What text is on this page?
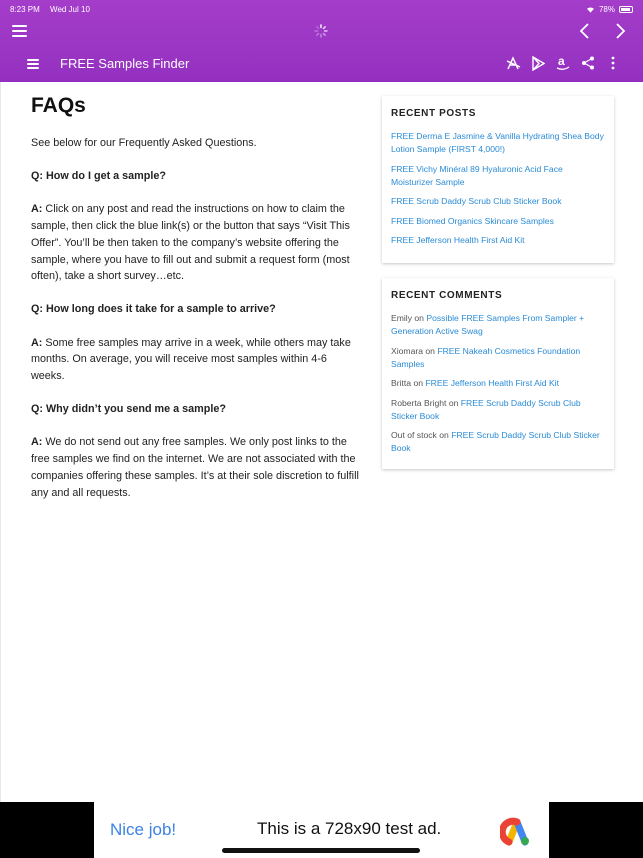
8:23 PM Wed Jul 10	78%
FREE Samples Finder	a
FAQs

See below for our Frequently Asked Questions.

Q: How do I get a sample?

A: Click on any post and read the instructions on how to claim the sample, then click the blue link(s) or the button that says “Visit This Offer”. You’ll be then taken to the company’s website offering the sample, where you have to fill out and submit a request form (most often), take a short survey…etc.

Q: How long does it take for a sample to arrive?

A: Some free samples may arrive in a week, while others may take months. On average, you will receive most samples within 4-6 weeks.

Q: Why didn’t you send me a sample?

A: We do not send out any free samples. We only post links to the free samples we find on the internet. We are not associated with the companies offering these samples. It’s at their sole discretion to fulfill any and all requests.

RECENT POSTS
FREE Derma E Jasmine & Vanilla Hydrating Shea Body Lotion Sample (FIRST 4,000!)
FREE Vichy Minéral 89 Hyaluronic Acid Face Moisturizer Sample
FREE Scrub Daddy Scrub Club Sticker Book
FREE Biomed Organics Skincare Samples
FREE Jefferson Health First Aid Kit
RECENT COMMENTS
Emily on Possible FREE Samples From Sampler + Generation Active Swag
Xiomara on FREE Nakeah Cosmetics Foundation Samples
Britta on FREE Jefferson Health First Aid Kit
Roberta Bright on FREE Scrub Daddy Scrub Club Sticker Book
Out of stock on FREE Scrub Daddy Scrub Club Sticker Book
Nice job!	This is a 728x90 test ad.
